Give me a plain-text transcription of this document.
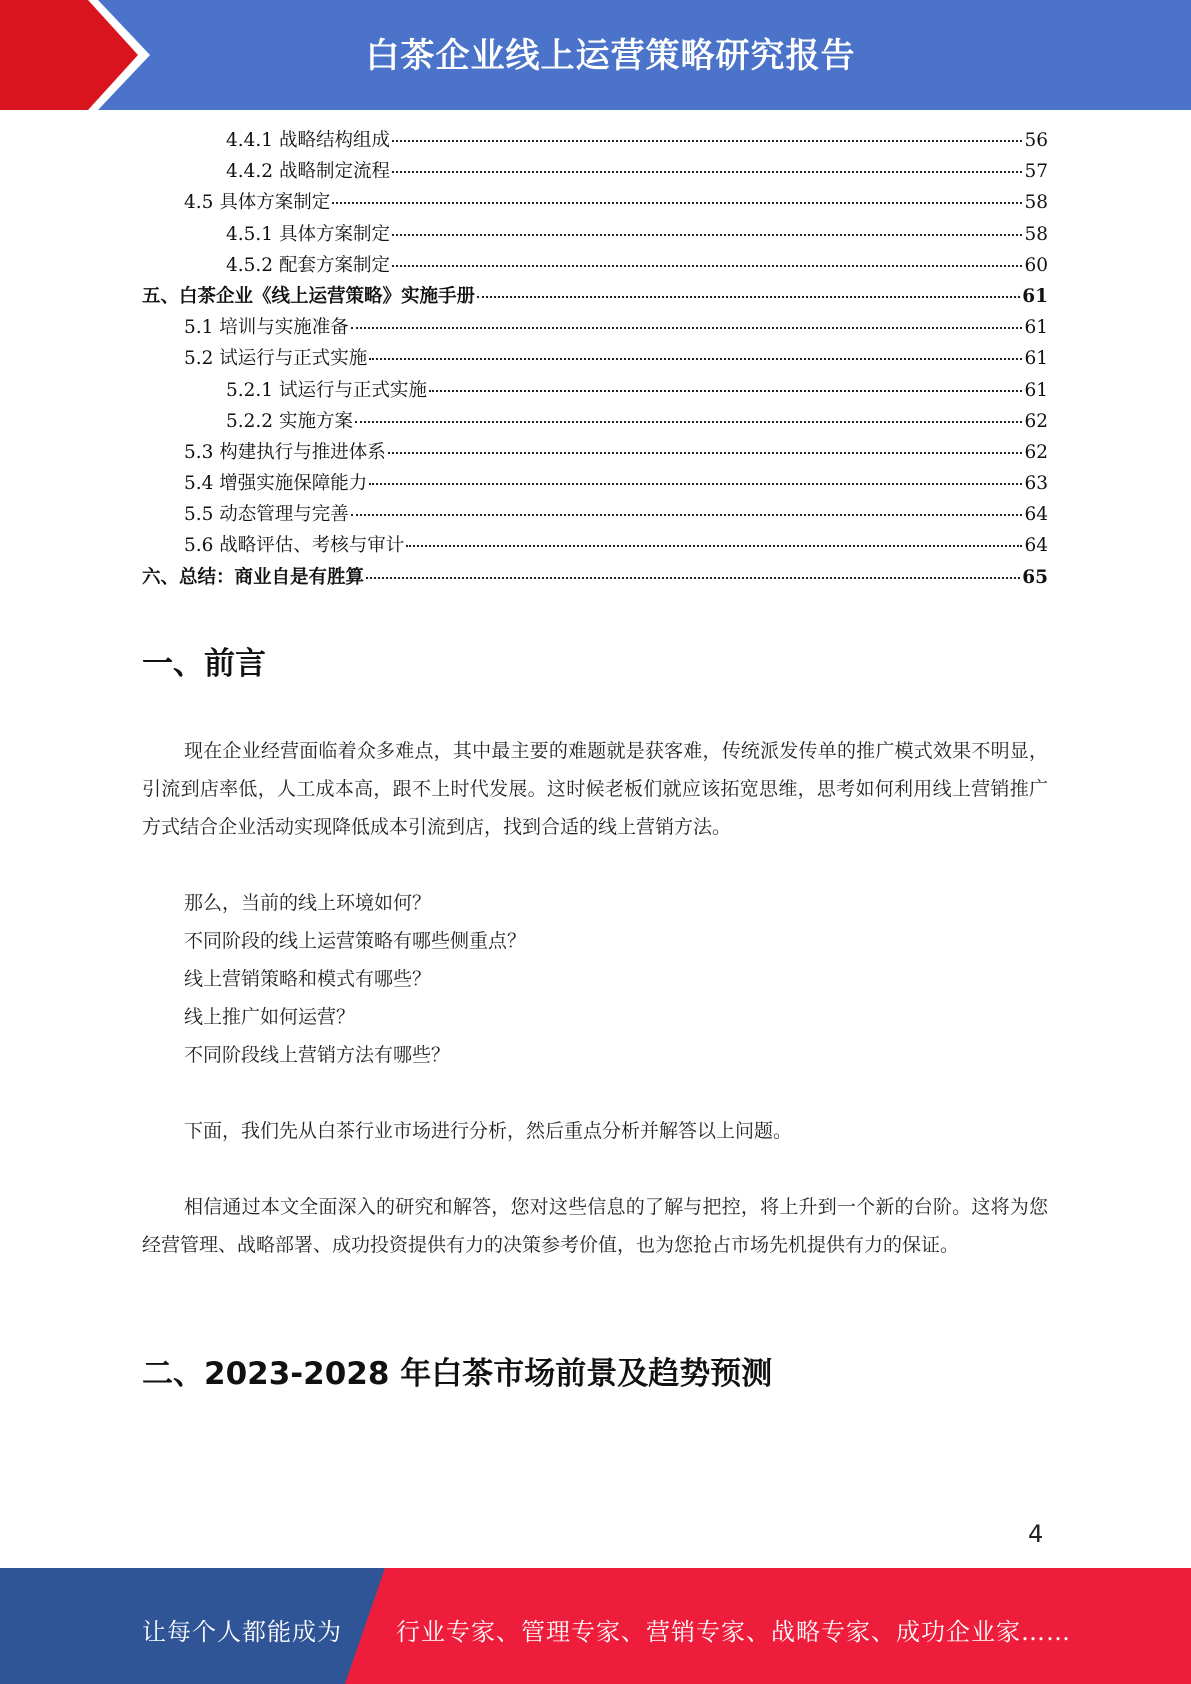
白茶企业线上运营策略研究报告
4.4.1 战略结构组成	56
4.4.2 战略制定流程	57
4.5 具体方案制定	58
4.5.1 具体方案制定	58
4.5.2 配套方案制定	60
五、白茶企业《线上运营策略》实施手册	61
5.1 培训与实施准备	61
5.2 试运行与正式实施	61
5.2.1 试运行与正式实施	61
5.2.2 实施方案	62
5.3 构建执行与推进体系	62
5.4 增强实施保障能力	63
5.5 动态管理与完善	64
5.6 战略评估、考核与审计	64
六、总结：商业自是有胜算	65
一、前言
现在企业经营面临着众多难点，其中最主要的难题就是获客难，传统派发传单的推广模式效果不明显，引流到店率低，人工成本高，跟不上时代发展。这时候老板们就应该拓宽思维，思考如何利用线上营销推广方式结合企业活动实现降低成本引流到店，找到合适的线上营销方法。
那么，当前的线上环境如何？
不同阶段的线上运营策略有哪些侧重点？
线上营销策略和模式有哪些？
线上推广如何运营？
不同阶段线上营销方法有哪些？
下面，我们先从白茶行业市场进行分析，然后重点分析并解答以上问题。
相信通过本文全面深入的研究和解答，您对这些信息的了解与把控，将上升到一个新的台阶。这将为您经营管理、战略部署、成功投资提供有力的决策参考价值，也为您抢占市场先机提供有力的保证。
二、2023-2028 年白茶市场前景及趋势预测
4
让每个人都能成为 行业专家、管理专家、营销专家、战略专家、成功企业家……
